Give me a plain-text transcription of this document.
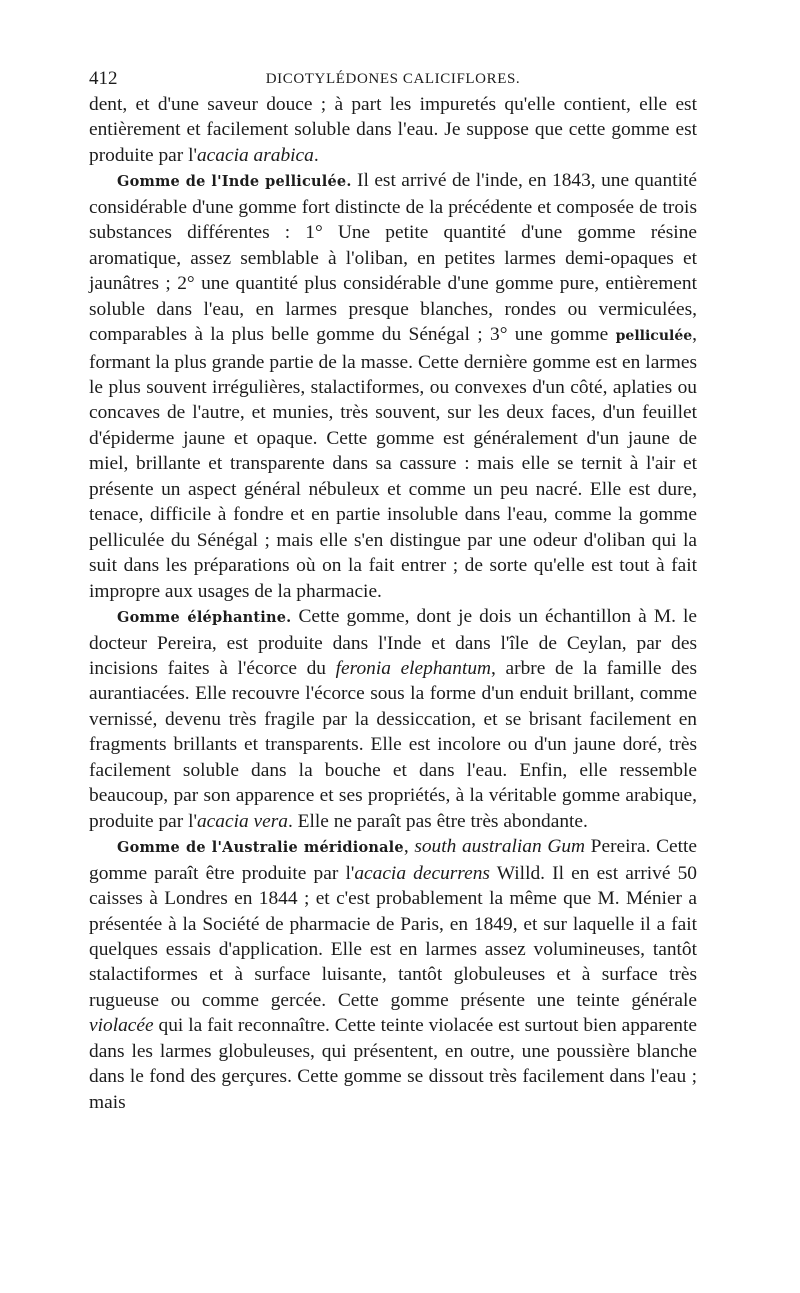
412	DICOTYLÉDONES CALICIFLORES.

dent, et d'une saveur douce ; à part les impuretés qu'elle contient, elle est entièrement et facilement soluble dans l'eau. Je suppose que cette gomme est produite par l'acacia arabica.

Gomme de l'Inde pelliculée. Il est arrivé de l'inde, en 1843, une quantité considérable d'une gomme fort distincte de la précédente et composée de trois substances différentes : 1° Une petite quantité d'une gomme résine aromatique, assez semblable à l'oliban, en petites larmes demi-opaques et jaunâtres ; 2° une quantité plus considérable d'une gomme pure, entièrement soluble dans l'eau, en larmes presque blanches, rondes ou vermiculées, comparables à la plus belle gomme du Sénégal ; 3° une gomme pelliculée, formant la plus grande partie de la masse. Cette dernière gomme est en larmes le plus souvent irrégulières, stalactiformes, ou convexes d'un côté, aplaties ou concaves de l'autre, et munies, très souvent, sur les deux faces, d'un feuillet d'épiderme jaune et opaque. Cette gomme est généralement d'un jaune de miel, brillante et transparente dans sa cassure : mais elle se ternit à l'air et présente un aspect général nébuleux et comme un peu nacré. Elle est dure, tenace, difficile à fondre et en partie insoluble dans l'eau, comme la gomme pelliculée du Sénégal ; mais elle s'en distingue par une odeur d'oliban qui la suit dans les préparations où on la fait entrer ; de sorte qu'elle est tout à fait impropre aux usages de la pharmacie.

Gomme éléphantine. Cette gomme, dont je dois un échantillon à M. le docteur Pereira, est produite dans l'Inde et dans l'île de Ceylan, par des incisions faites à l'écorce du feronia elephantum, arbre de la famille des aurantiacées. Elle recouvre l'écorce sous la forme d'un enduit brillant, comme vernissé, devenu très fragile par la dessiccation, et se brisant facilement en fragments brillants et transparents. Elle est incolore ou d'un jaune doré, très facilement soluble dans la bouche et dans l'eau. Enfin, elle ressemble beaucoup, par son apparence et ses propriétés, à la véritable gomme arabique, produite par l'acacia vera. Elle ne paraît pas être très abondante.

Gomme de l'Australie méridionale, south australian Gum Pereira. Cette gomme paraît être produite par l'acacia decurrens Willd. Il en est arrivé 50 caisses à Londres en 1844 ; et c'est probablement la même que M. Ménier a présentée à la Société de pharmacie de Paris, en 1849, et sur laquelle il a fait quelques essais d'application. Elle est en larmes assez volumineuses, tantôt stalactiformes et à surface luisante, tantôt globuleuses et à surface très rugueuse ou comme gercée. Cette gomme présente une teinte générale violacée qui la fait reconnaître. Cette teinte violacée est surtout bien apparente dans les larmes globuleuses, qui présentent, en outre, une poussière blanche dans le fond des gerçures. Cette gomme se dissout très facilement dans l'eau ; mais
